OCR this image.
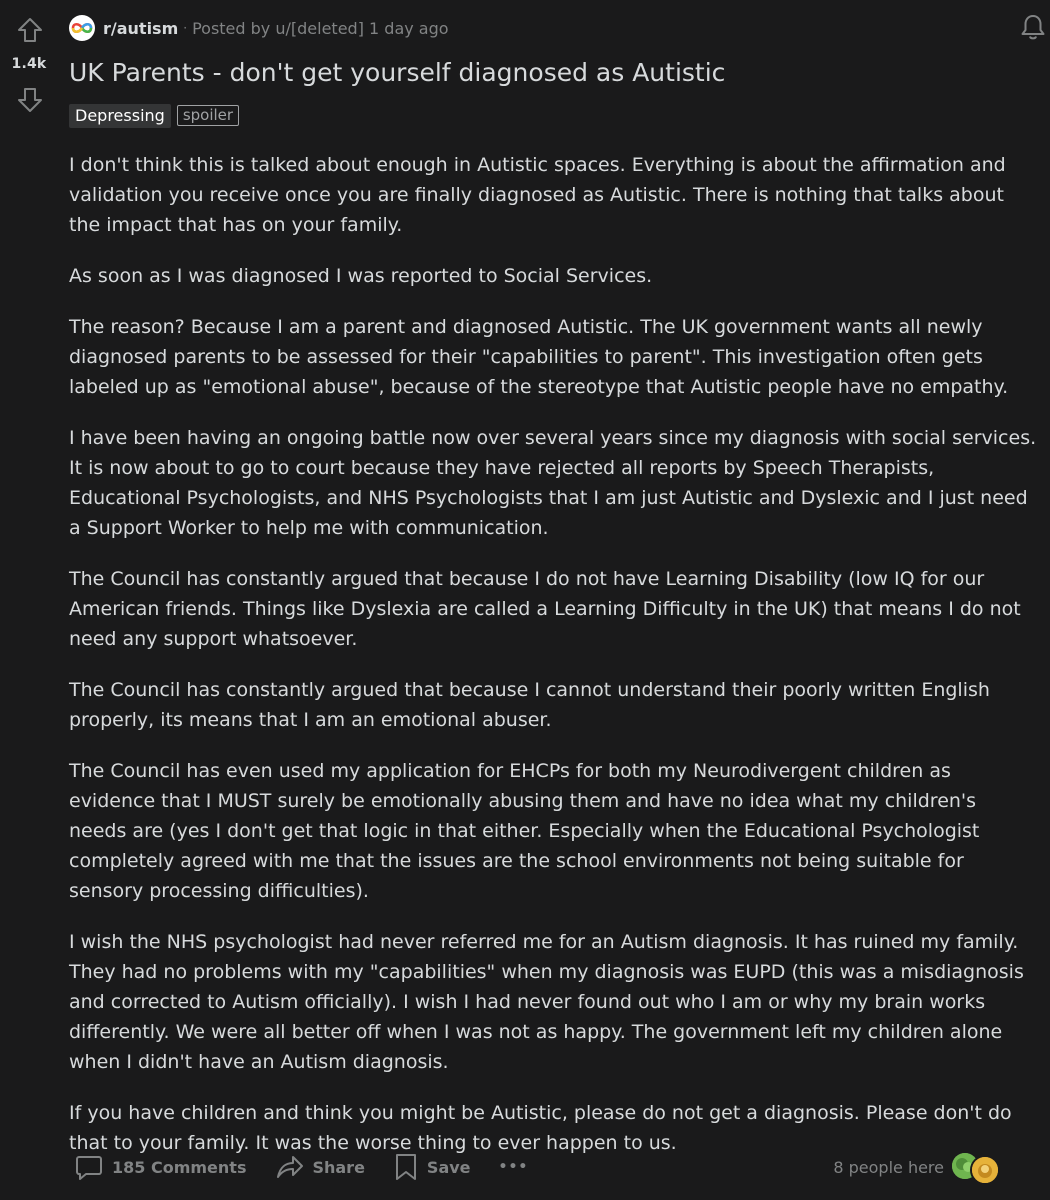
1.4k
r/autism · Posted by u/[deleted] 1 day ago
UK Parents - don't get yourself diagnosed as Autistic
Depressing	spoiler

I don't think this is talked about enough in Autistic spaces. Everything is about the affirmation and validation you receive once you are finally diagnosed as Autistic. There is nothing that talks about the impact that has on your family.

As soon as I was diagnosed I was reported to Social Services.

The reason? Because I am a parent and diagnosed Autistic. The UK government wants all newly diagnosed parents to be assessed for their "capabilities to parent". This investigation often gets labeled up as "emotional abuse", because of the stereotype that Autistic people have no empathy.

I have been having an ongoing battle now over several years since my diagnosis with social services. It is now about to go to court because they have rejected all reports by Speech Therapists, Educational Psychologists, and NHS Psychologists that I am just Autistic and Dyslexic and I just need a Support Worker to help me with communication.

The Council has constantly argued that because I do not have Learning Disability (low IQ for our American friends. Things like Dyslexia are called a Learning Difficulty in the UK) that means I do not need any support whatsoever.

The Council has constantly argued that because I cannot understand their poorly written English properly, its means that I am an emotional abuser.

The Council has even used my application for EHCPs for both my Neurodivergent children as evidence that I MUST surely be emotionally abusing them and have no idea what my children's needs are (yes I don't get that logic in that either. Especially when the Educational Psychologist completely agreed with me that the issues are the school environments not being suitable for sensory processing difficulties).

I wish the NHS psychologist had never referred me for an Autism diagnosis. It has ruined my family. They had no problems with my "capabilities" when my diagnosis was EUPD (this was a misdiagnosis and corrected to Autism officially). I wish I had never found out who I am or why my brain works differently. We were all better off when I was not as happy. The government left my children alone when I didn't have an Autism diagnosis.

If you have children and think you might be Autistic, please do not get a diagnosis. Please don't do that to your family. It was the worse thing to ever happen to us.

185 Comments	Share	Save •••	8 people here
